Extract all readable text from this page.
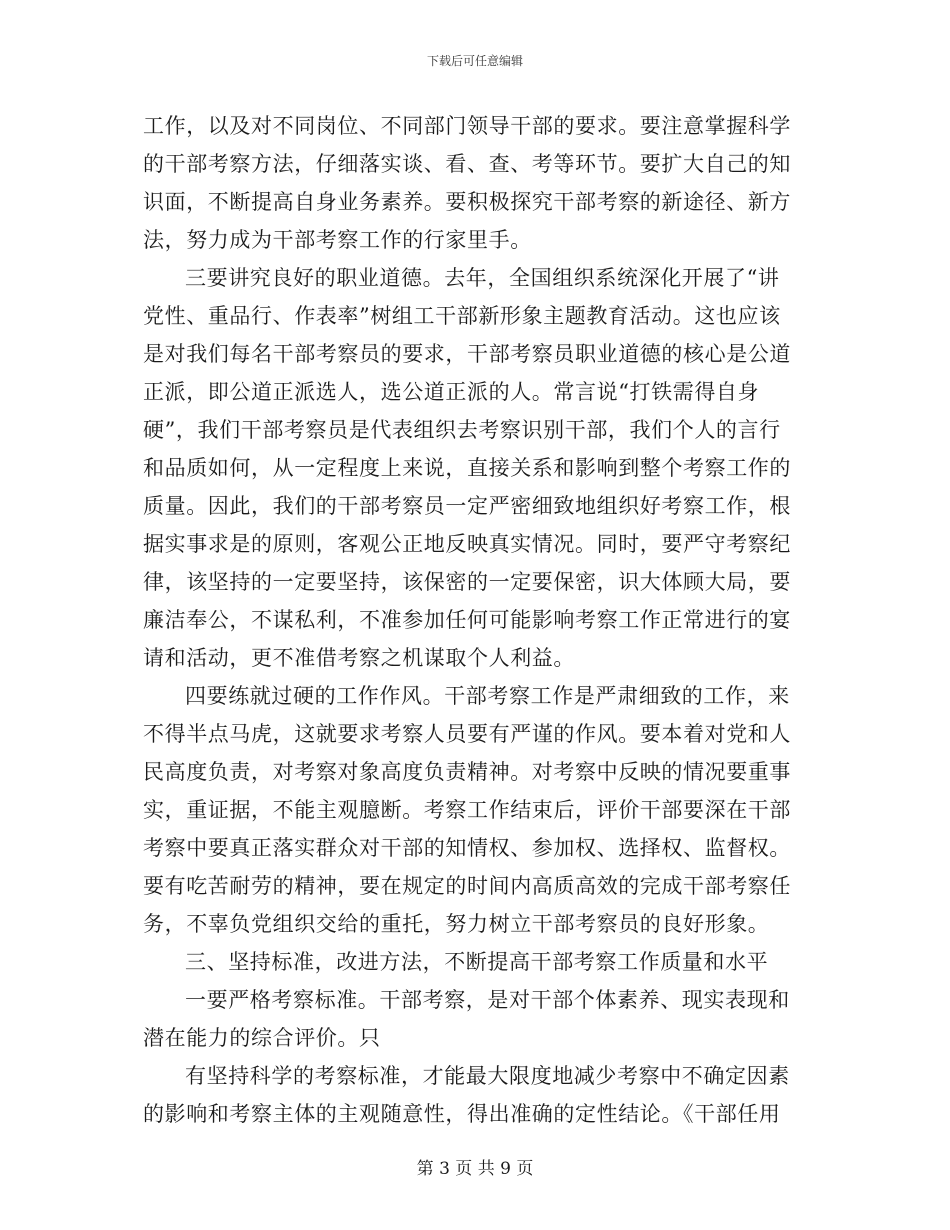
下载后可任意编辑
工作，以及对不同岗位、不同部门领导干部的要求。要注意掌握科学
的干部考察方法，仔细落实谈、看、查、考等环节。要扩大自己的知
识面，不断提高自身业务素养。要积极探究干部考察的新途径、新方
法，努力成为干部考察工作的行家里手。
三要讲究良好的职业道德。去年，全国组织系统深化开展了“讲
党性、重品行、作表率”树组工干部新形象主题教育活动。这也应该
是对我们每名干部考察员的要求，干部考察员职业道德的核心是公道
正派，即公道正派选人，选公道正派的人。常言说“打铁需得自身
硬”，我们干部考察员是代表组织去考察识别干部，我们个人的言行
和品质如何，从一定程度上来说，直接关系和影响到整个考察工作的
质量。因此，我们的干部考察员一定严密细致地组织好考察工作，根
据实事求是的原则，客观公正地反映真实情况。同时，要严守考察纪
律，该坚持的一定要坚持，该保密的一定要保密，识大体顾大局，要
廉洁奉公，不谋私利，不准参加任何可能影响考察工作正常进行的宴
请和活动，更不准借考察之机谋取个人利益。
四要练就过硬的工作作风。干部考察工作是严肃细致的工作，来
不得半点马虎，这就要求考察人员要有严谨的作风。要本着对党和人
民高度负责，对考察对象高度负责精神。对考察中反映的情况要重事
实，重证据，不能主观臆断。考察工作结束后，评价干部要深在干部
考察中要真正落实群众对干部的知情权、参加权、选择权、监督权。
要有吃苦耐劳的精神，要在规定的时间内高质高效的完成干部考察任
务，不辜负党组织交给的重托，努力树立干部考察员的良好形象。
三、坚持标准，改进方法，不断提高干部考察工作质量和水平
一要严格考察标准。干部考察，是对干部个体素养、现实表现和
潜在能力的综合评价。只
有坚持科学的考察标准，才能最大限度地减少考察中不确定因素
的影响和考察主体的主观随意性，得出准确的定性结论。《干部任用
第 3 页 共 9 页
